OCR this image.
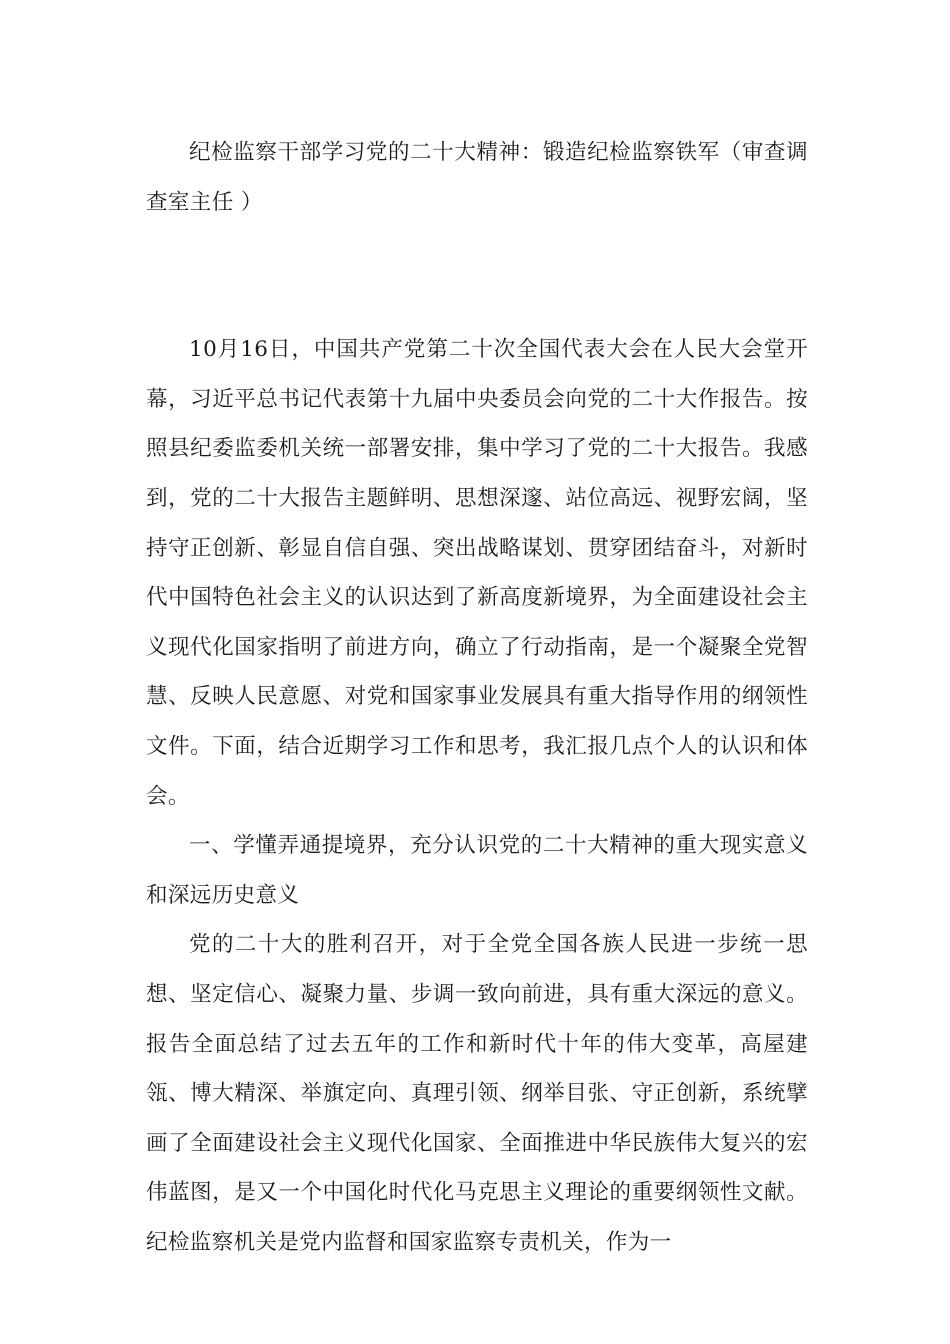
纪检监察干部学习党的二十大精神：锻造纪检监察铁军（审查调查室主任 ）

10月16日，中国共产党第二十次全国代表大会在人民大会堂开幕，习近平总书记代表第十九届中央委员会向党的二十大作报告。按照县纪委监委机关统一部署安排，集中学习了党的二十大报告。我感到，党的二十大报告主题鲜明、思想深邃、站位高远、视野宏阔，坚持守正创新、彰显自信自强、突出战略谋划、贯穿团结奋斗，对新时代中国特色社会主义的认识达到了新高度新境界，为全面建设社会主义现代化国家指明了前进方向，确立了行动指南，是一个凝聚全党智慧、反映人民意愿、对党和国家事业发展具有重大指导作用的纲领性文件。下面，结合近期学习工作和思考，我汇报几点个人的认识和体会。

一、学懂弄通提境界，充分认识党的二十大精神的重大现实意义和深远历史意义

党的二十大的胜利召开，对于全党全国各族人民进一步统一思想、坚定信心、凝聚力量、步调一致向前进，具有重大深远的意义。报告全面总结了过去五年的工作和新时代十年的伟大变革，高屋建瓴、博大精深、举旗定向、真理引领、纲举目张、守正创新，系统擘画了全面建设社会主义现代化国家、全面推进中华民族伟大复兴的宏伟蓝图，是又一个中国化时代化马克思主义理论的重要纲领性文献。纪检监察机关是党内监督和国家监察专责机关，作为一
